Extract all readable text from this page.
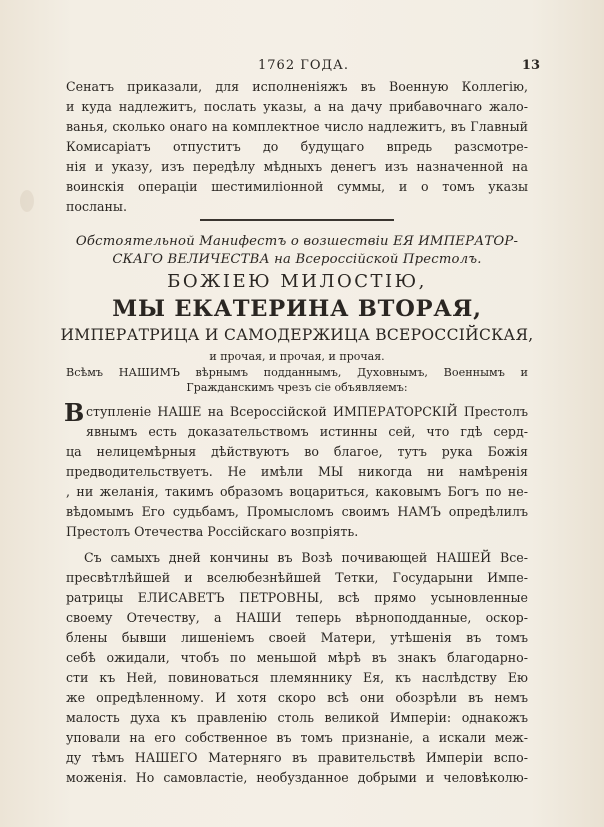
1762 ГОДА.	13
Сенатъ приказали, для исполненіяжъ въ Военную Коллегію,
и куда надлежитъ, послать указы, а на дачу прибавочнаго жало-
ванья, сколько онаго на комплектное число надлежитъ, въ Главный
Комисаріатъ отпуститъ до будущаго впредь разсмотре-
нія и указу, изъ передѣлу мѣдныхъ денегъ изъ назначенной на
воинскія операціи шестимиліонной суммы, и о томъ указы
посланы.
Обстоятельной Манифестъ о возшествіи ЕЯ ИМПЕРАТОР-
СКАГО ВЕЛИЧЕСТВА на Всероссійской Престолъ.
БОЖІЕЮ МИЛОСТІЮ,
МЫ ЕКАТЕРИНА ВТОРАЯ,
ИМПЕРАТРИЦА И САМОДЕРЖИЦА ВСЕРОССІЙСКАЯ,
и прочая, и прочая, и прочая.
Всѣмъ НАШИМЪ вѣрнымъ подданнымъ, Духовнымъ, Военнымъ и
Гражданскимъ чрезъ сіе объявляемъ:
В ступленіе НАШЕ на Всероссійской ИМПЕРАТОРСКІЙ Престолъ
явнымъ есть доказательствомъ истинны сей, что гдѣ серд-
ца нелицемѣрныя дѣйствуютъ во благое, тутъ рука Божія
предводительствуетъ. Не имѣли МЫ никогда ни намѣренія
, ни желанія, такимъ образомъ воцариться, каковымъ Богъ по не-
вѣдомымъ Его судьбамъ, Промысломъ своимъ НАМЪ опредѣлилъ
Престолъ Отечества Россійскаго возпріять.
Съ самыхъ дней кончины въ Возѣ почивающей НАШЕЙ Все-
пресвѣтлѣйшей и вселюбезнѣйшей Тетки, Государыни Импе-
ратрицы ЕЛИСАВЕТЪ ПЕТРОВНЫ, всѣ прямо усыновленные
своему Отечеству, а НАШИ теперь вѣрноподданные, оскор-
блены бывши лишенiемъ своей Матери, утѣшенія въ томъ
себѣ ожидали, чтобъ по меньшой мѣрѣ въ знакъ благодарно-
сти къ Ней, повиноваться племяннику Ея, къ наслѣдству Ею
же опредѣленному. И хотя скоро всѣ они обозрѣли въ немъ
малость духа къ правленію столь великой Имперіи: однакожъ
уповали на его собственное въ томъ признаніе, а искали меж-
ду тѣмъ НАШЕГО Матерняго въ правительствѣ Имперіи вспо-
моженія. Но самовластіе, необузданное добрыми и человѣколю-
